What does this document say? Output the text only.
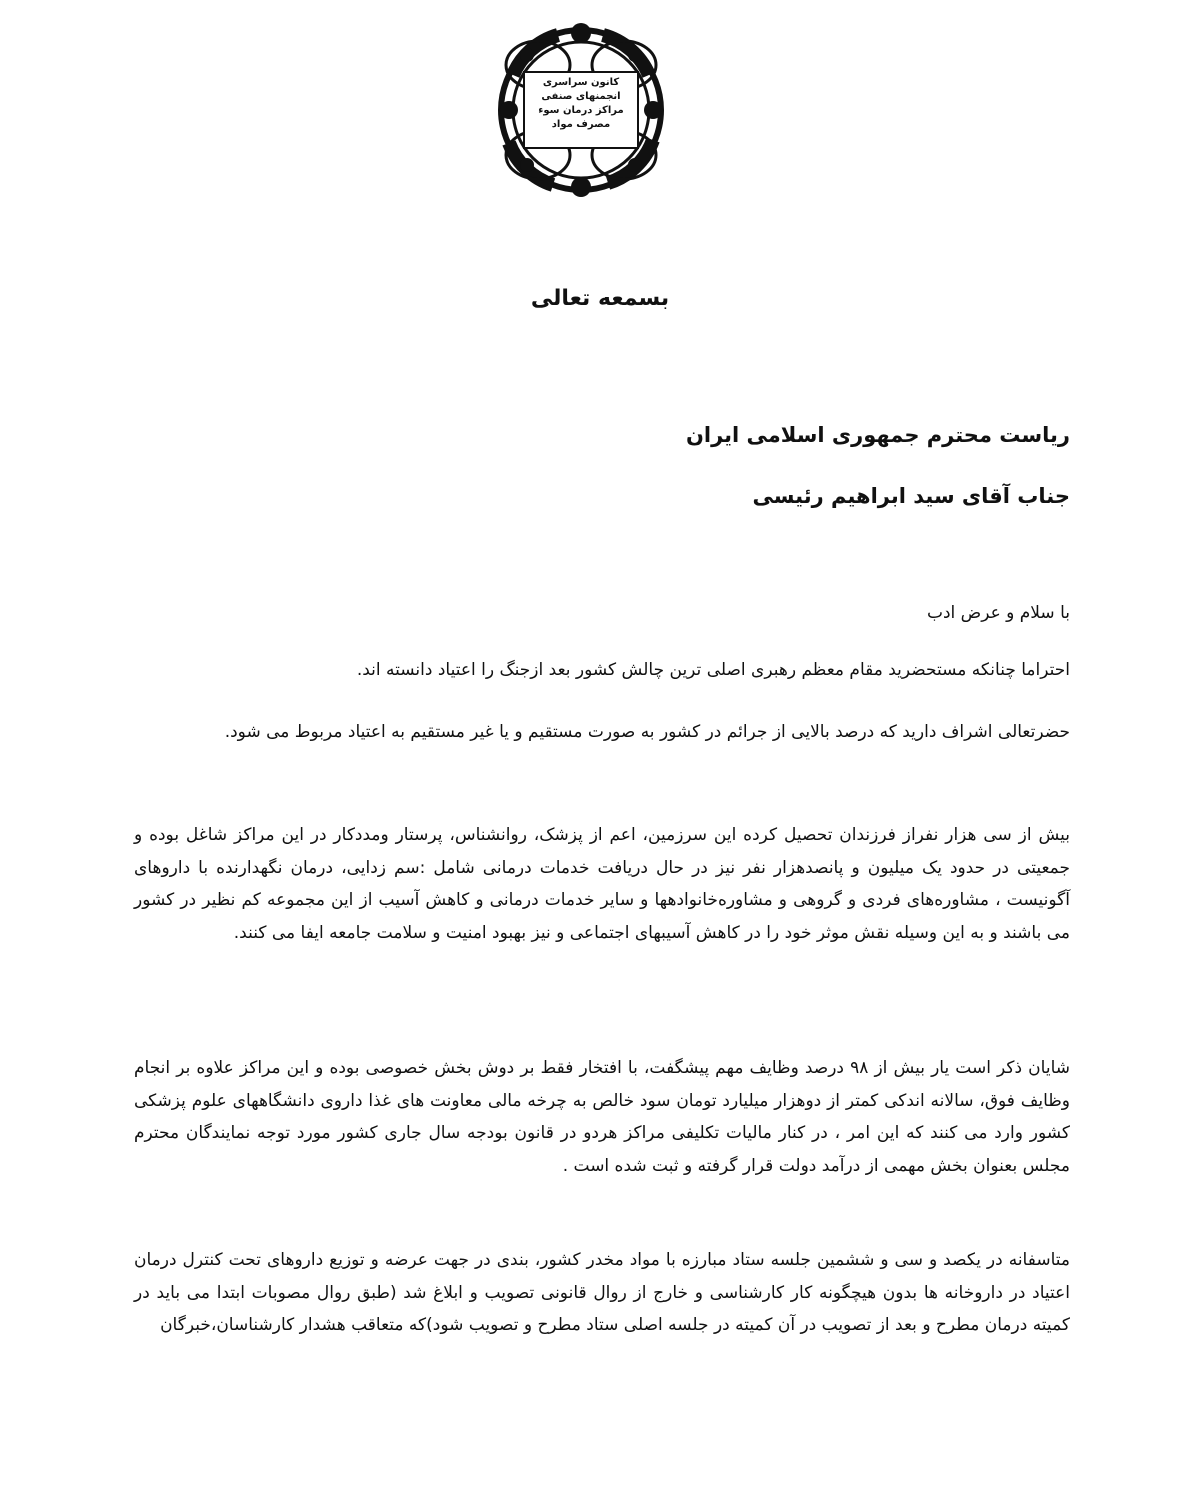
کانون سراسری
انجمنهای صنفی
مراکز درمان سوء
مصرف مواد
بسمعه تعالی
ریاست محترم جمهوری اسلامی ایران
جناب آقای سید ابراهیم رئیسی
با سلام و عرض ادب
احتراما چنانکه مستحضرید مقام معظم رهبری اصلی ترین چالش کشور بعد ازجنگ را اعتیاد دانسته اند.
حضرتعالی اشراف دارید که درصد بالایی از جرائم در کشور به صورت مستقیم و یا غیر مستقیم به اعتیاد مربوط می شود.
بیش از سی هزار نفراز فرزندان تحصیل کرده این سرزمین، اعم از پزشک، روانشناس، پرستار ومددکار در این مراکز شاغل بوده و جمعیتی در حدود یک میلیون و پانصدهزار نفر نیز در حال دریافت خدمات درمانی شامل :سم زدایی، درمان نگهدارنده با داروهای آگونیست ، مشاوره‌های فردی و گروهی و مشاوره‌خانوادهها و سایر خدمات درمانی و کاهش آسیب از این مجموعه کم نظیر در کشور می باشند و به این وسیله نقش موثر خود را در کاهش آسیبهای اجتماعی و نیز بهبود امنیت و سلامت جامعه ایفا می کنند.
شایان ذکر است یار بیش از ۹۸ درصد وظایف مهم پیشگفت، با افتخار فقط بر دوش بخش خصوصی بوده و این مراکز علاوه بر انجام وظایف فوق، سالانه اندکی کمتر از دوهزار میلیارد تومان سود خالص به چرخه مالی معاونت های غذا داروی دانشگاههای علوم پزشکی کشور وارد می کنند که این امر ، در کنار مالیات تکلیفی مراکز هردو در قانون بودجه سال جاری کشور مورد توجه نمایندگان محترم مجلس بعنوان بخش مهمی از درآمد دولت قرار گرفته و ثبت شده است .
متاسفانه در یکصد و سی و ششمین جلسه ستاد مبارزه با مواد مخدر کشور، بندی در جهت عرضه و توزیع داروهای تحت کنترل درمان اعتیاد در داروخانه ها بدون هیچگونه کار کارشناسی و خارج از روال قانونی تصویب و ابلاغ شد (طبق روال مصوبات ابتدا می باید در کمیته درمان مطرح و بعد از تصویب در آن کمیته در جلسه اصلی ستاد مطرح و تصویب شود)که متعاقب هشدار کارشناسان،خبرگان
